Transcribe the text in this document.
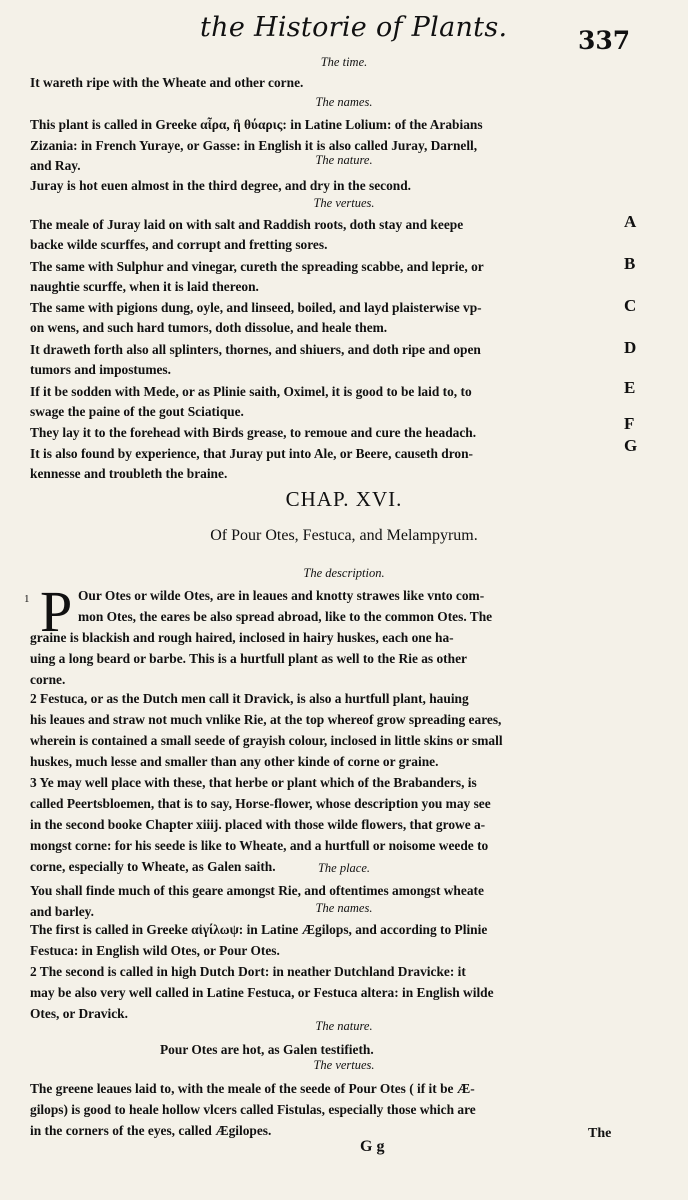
the Historie of Plants.	337
The time.
It wareth ripe with the Wheate and other corne.
The names.
This plant is called in Greeke αἶρα, ἢ θύαρις: in Latine Lolium: of the Arabians
Zizania: in French Yuraye, or Gasse: in English it is also called Juray, Darnell,
and Ray.	The nature.
Juray is hot euen almost in the third degree, and dry in the second.
The vertues.
The meale of Juray laid on with salt and Raddish roots, doth stay and keepe
backe wilde scurffes, and corrupt and fretting sores.
The same with Sulphur and vinegar, cureth the spreading scabbe, and leprie, or
naughtie scurffe, when it is laid thereon.
The same with pigions dung, oyle, and linseed, boiled, and layd plaisterwise vp-
on wens, and such hard tumors, doth dissolue, and heale them.
It draweth forth also all splinters, thornes, and shiuers, and doth ripe and open
tumors and impostumes.
If it be sodden with Mede, or as Plinie saith, Oximel, it is good to be laid to, to
swage the paine of the gout Sciatique.
They lay it to the forehead with Birds grease, to remoue and cure the headach.
It is also found by experience, that Juray put into Ale, or Beere, causeth dron-
kennesse and troubleth the braine.
A
B
C
D
E
F
G
CHAP. XVI.
Of Pour Otes, Festuca, and Melampyrum.
The description.
1 P Our Otes or wilde Otes, are in leaues and knotty strawes like vnto com-
mon Otes, the eares be also spread abroad, like to the common Otes. The
graine is blackish and rough haired, inclosed in hairy huskes, each one ha-
uing a long beard or barbe. This is a hurtfull plant as well to the Rie as other
corne.
2 Festuca, or as the Dutch men call it Dravick, is also a hurtfull plant, hauing
his leaues and straw not much vnlike Rie, at the top whereof grow spreading eares,
wherein is contained a small seede of grayish colour, inclosed in little skins or small
huskes, much lesse and smaller than any other kinde of corne or graine.
3 Ye may well place with these, that herbe or plant which of the Brabanders, is
called Peertsbloemen, that is to say, Horse-flower, whose description you may see
in the second booke Chapter xiiij. placed with those wilde flowers, that growe a-
mongst corne: for his seede is like to Wheate, and a hurtfull or noisome weede to
corne, especially to Wheate, as Galen saith.	The place.
You shall finde much of this geare amongst Rie, and oftentimes amongst wheate
and barley.	The names.
The first is called in Greeke αἰγίλωψ: in Latine Ægilops, and according to Plinie
Festuca: in English wild Otes, or Pour Otes.
2 The second is called in high Dutch Dort: in neather Dutchland Dravicke: it
may be also very well called in Latine Festuca, or Festuca altera: in English wilde
Otes, or Dravick.
The nature.
Pour Otes are hot, as Galen testifieth.
The vertues.
The greene leaues laid to, with the meale of the seede of Pour Otes ( if it be Æ-
gilops) is good to heale hollow vlcers called Fistulas, especially those which are
in the corners of the eyes, called Ægilopes.
G g
The
